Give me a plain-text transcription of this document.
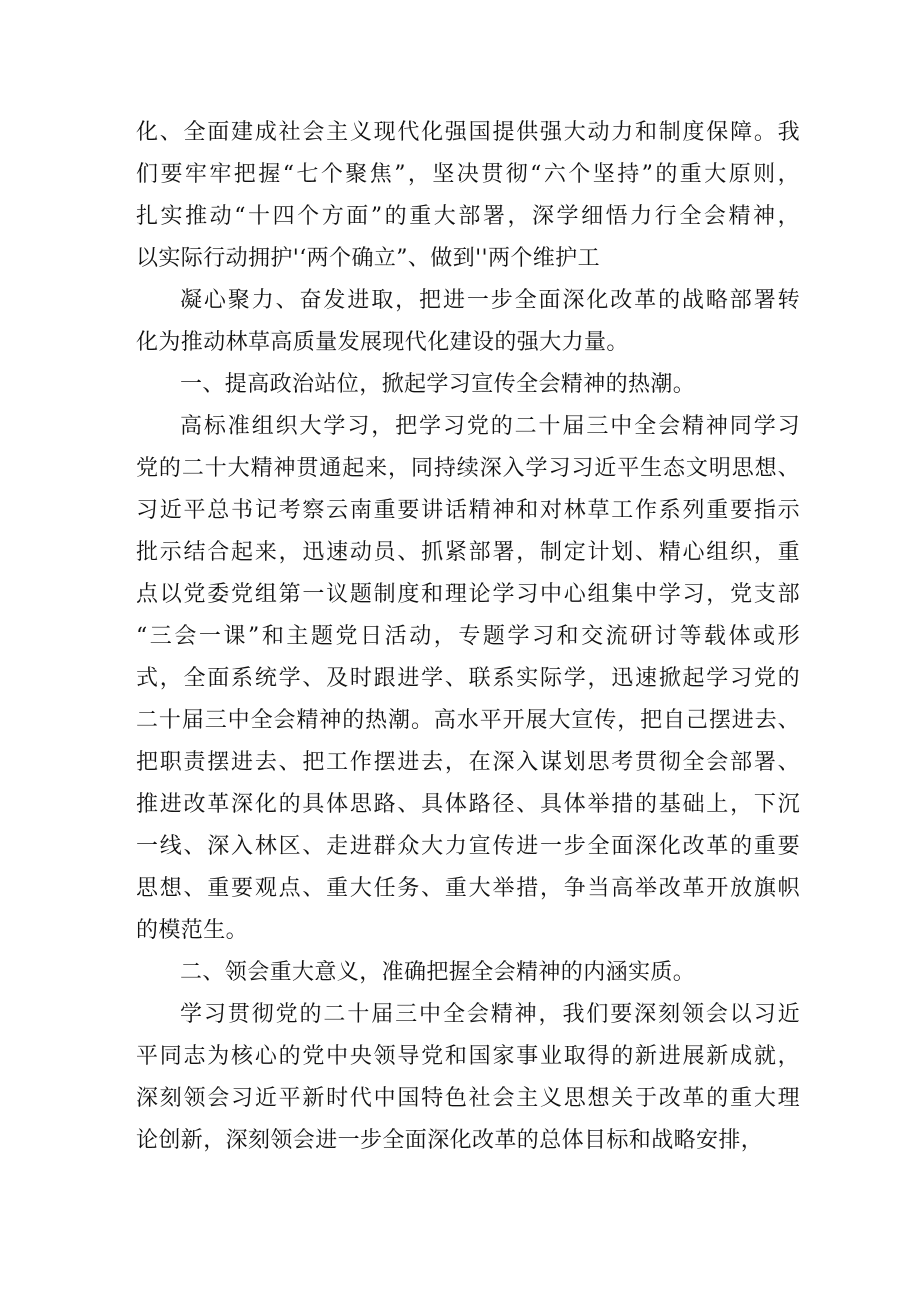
化、全面建成社会主义现代化强国提供强大动力和制度保障。我
们要牢牢把握“七个聚焦”，坚决贯彻“六个坚持”的重大原则，
扎实推动“十四个方面”的重大部署，深学细悟力行全会精神，
以实际行动拥护'‘两个确立”、做到''两个维护工
凝心聚力、奋发进取，把进一步全面深化改革的战略部署转
化为推动林草高质量发展现代化建设的强大力量。
一、提高政治站位，掀起学习宣传全会精神的热潮。
高标准组织大学习，把学习党的二十届三中全会精神同学习
党的二十大精神贯通起来，同持续深入学习习近平生态文明思想、
习近平总书记考察云南重要讲话精神和对林草工作系列重要指示
批示结合起来，迅速动员、抓紧部署，制定计划、精心组织，重
点以党委党组第一议题制度和理论学习中心组集中学习，党支部
“三会一课”和主题党日活动，专题学习和交流研讨等载体或形
式，全面系统学、及时跟进学、联系实际学，迅速掀起学习党的
二十届三中全会精神的热潮。高水平开展大宣传，把自己摆进去、
把职责摆进去、把工作摆进去，在深入谋划思考贯彻全会部署、
推进改革深化的具体思路、具体路径、具体举措的基础上，下沉
一线、深入林区、走进群众大力宣传进一步全面深化改革的重要
思想、重要观点、重大任务、重大举措，争当高举改革开放旗帜
的模范生。
二、领会重大意义，准确把握全会精神的内涵实质。
学习贯彻党的二十届三中全会精神，我们要深刻领会以习近
平同志为核心的党中央领导党和国家事业取得的新进展新成就，
深刻领会习近平新时代中国特色社会主义思想关于改革的重大理
论创新，深刻领会进一步全面深化改革的总体目标和战略安排，
